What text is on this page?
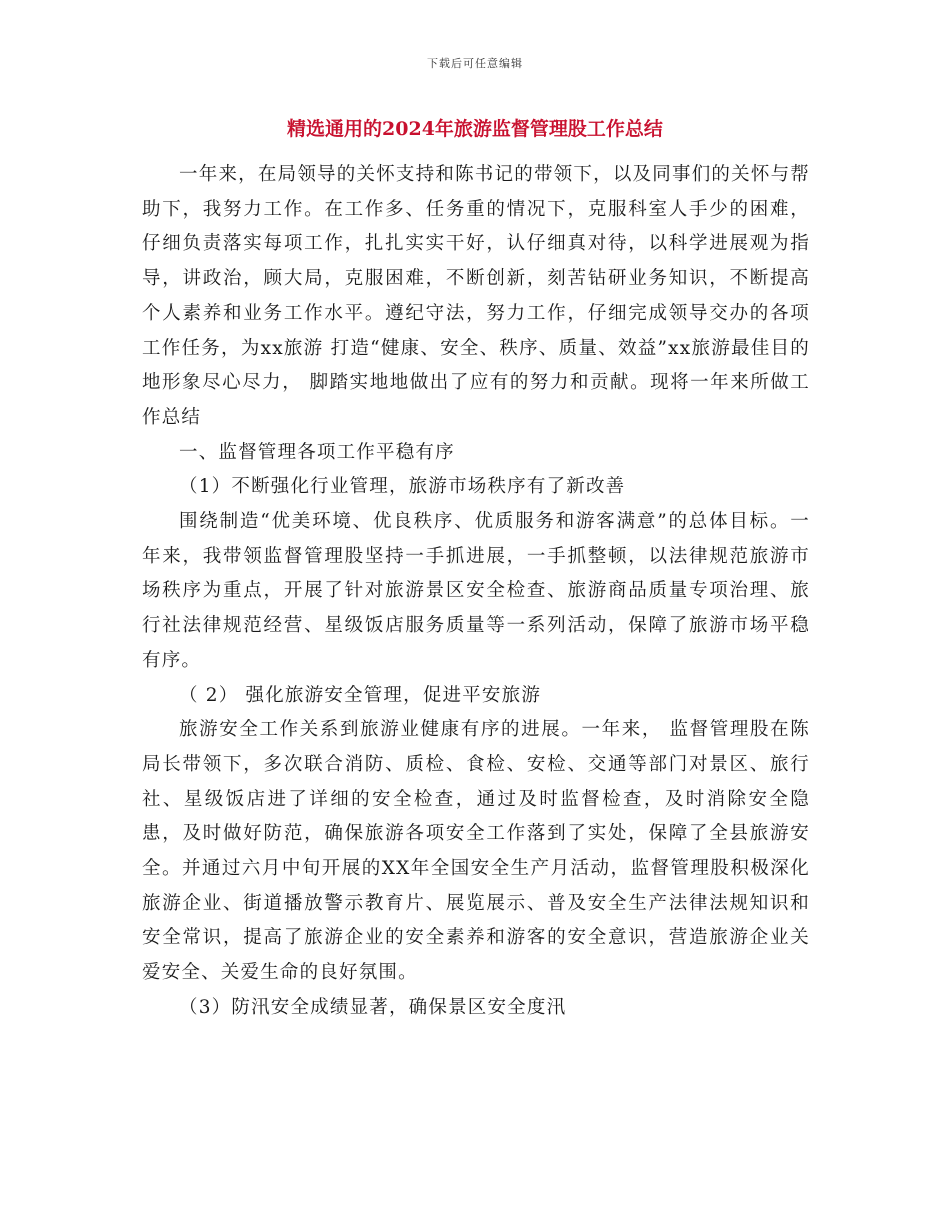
下载后可任意编辑
精选通用的2024年旅游监督管理股工作总结

一年来，在局领导的关怀支持和陈书记的带领下，以及同事们的关怀与帮助下，我努力工作。在工作多、任务重的情况下，克服科室人手少的困难，仔细负责落实每项工作，扎扎实实干好，认仔细真对待，以科学进展观为指导，讲政治，顾大局，克服困难，不断创新，刻苦钻研业务知识，不断提高个人素养和业务工作水平。遵纪守法，努力工作，仔细完成领导交办的各项工作任务，为xx旅游 打造“健康、安全、秩序、质量、效益”xx旅游最佳目的地形象尽心尽力， 脚踏实地地做出了应有的努力和贡献。现将一年来所做工作总结

一、监督管理各项工作平稳有序

（1）不断强化行业管理，旅游市场秩序有了新改善

围绕制造“优美环境、优良秩序、优质服务和游客满意”的总体目标。一年来，我带领监督管理股坚持一手抓进展，一手抓整顿，以法律规范旅游市场秩序为重点，开展了针对旅游景区安全检查、旅游商品质量专项治理、旅行社法律规范经营、星级饭店服务质量等一系列活动，保障了旅游市场平稳有序。

（ 2） 强化旅游安全管理，促进平安旅游

旅游安全工作关系到旅游业健康有序的进展。一年来， 监督管理股在陈局长带领下，多次联合消防、质检、食检、安检、交通等部门对景区、旅行社、星级饭店进了详细的安全检查，通过及时监督检查，及时消除安全隐患，及时做好防范，确保旅游各项安全工作落到了实处，保障了全县旅游安全。并通过六月中旬开展的XX年全国安全生产月活动，监督管理股积极深化旅游企业、街道播放警示教育片、展览展示、普及安全生产法律法规知识和安全常识，提高了旅游企业的安全素养和游客的安全意识，营造旅游企业关爱安全、关爱生命的良好氛围。

（3）防汛安全成绩显著，确保景区安全度汛
